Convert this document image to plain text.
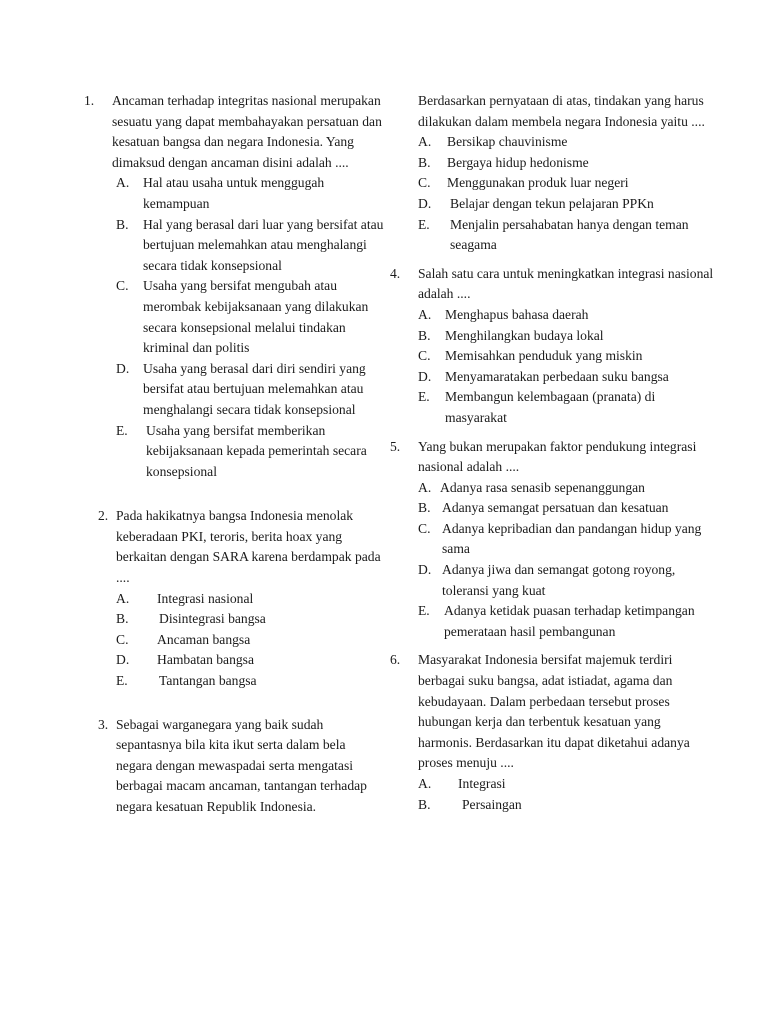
1. Ancaman terhadap integritas nasional merupakan sesuatu yang dapat membahayakan persatuan dan kesatuan bangsa dan negara Indonesia. Yang dimaksud dengan ancaman disini adalah ....
A.	Hal atau usaha untuk menggugah kemampuan
B.	Hal yang berasal dari luar yang bersifat atau bertujuan melemahkan atau menghalangi secara tidak konsepsional
C.	Usaha yang bersifat mengubah atau merombak kebijaksanaan yang dilakukan secara konsepsional melalui tindakan kriminal dan politis
D.	Usaha yang berasal dari diri sendiri yang bersifat atau bertujuan melemahkan atau menghalangi secara tidak konsepsional
E.	Usaha yang bersifat memberikan kebijaksanaan kepada pemerintah secara konsepsional
2. Pada hakikatnya bangsa Indonesia menolak keberadaan PKI, teroris, berita hoax yang berkaitan dengan SARA karena berdampak pada ....
A.	Integrasi nasional
B.	Disintegrasi bangsa
C.	Ancaman bangsa
D.	Hambatan bangsa
E.	Tantangan bangsa
3. Sebagai warganegara yang baik sudah sepantasnya bila kita ikut serta dalam bela negara dengan mewaspadai serta mengatasi berbagai macam ancaman, tantangan terhadap negara kesatuan Republik Indonesia.
Berdasarkan pernyataan di atas, tindakan yang harus dilakukan dalam membela negara Indonesia yaitu ....
A.	Bersikap chauvinisme
B.	Bergaya hidup hedonisme
C.	Menggunakan produk luar negeri
D.	Belajar dengan tekun pelajaran PPKn
E.	Menjalin persahabatan hanya dengan teman seagama
4. Salah satu cara untuk meningkatkan integrasi nasional adalah ....
A.	Menghapus bahasa daerah
B.	Menghilangkan budaya lokal
C.	Memisahkan penduduk yang miskin
D.	Menyamaratakan perbedaan suku bangsa
E.	Membangun kelembagaan (pranata) di masyarakat
5. Yang bukan merupakan faktor pendukung integrasi nasional adalah ....
A. Adanya rasa senasib sepenanggungan
B. Adanya semangat persatuan dan kesatuan
C. Adanya kepribadian dan pandangan hidup yang sama
D. Adanya jiwa dan semangat gotong royong, toleransi yang kuat
E.	Adanya ketidak puasan terhadap ketimpangan pemerataan hasil pembangunan
6. Masyarakat Indonesia bersifat majemuk terdiri berbagai suku bangsa, adat istiadat, agama dan kebudayaan. Dalam perbedaan tersebut proses hubungan kerja dan terbentuk kesatuan yang harmonis. Berdasarkan itu dapat diketahui adanya proses menuju ....
A.	Integrasi
B.	Persaingan
